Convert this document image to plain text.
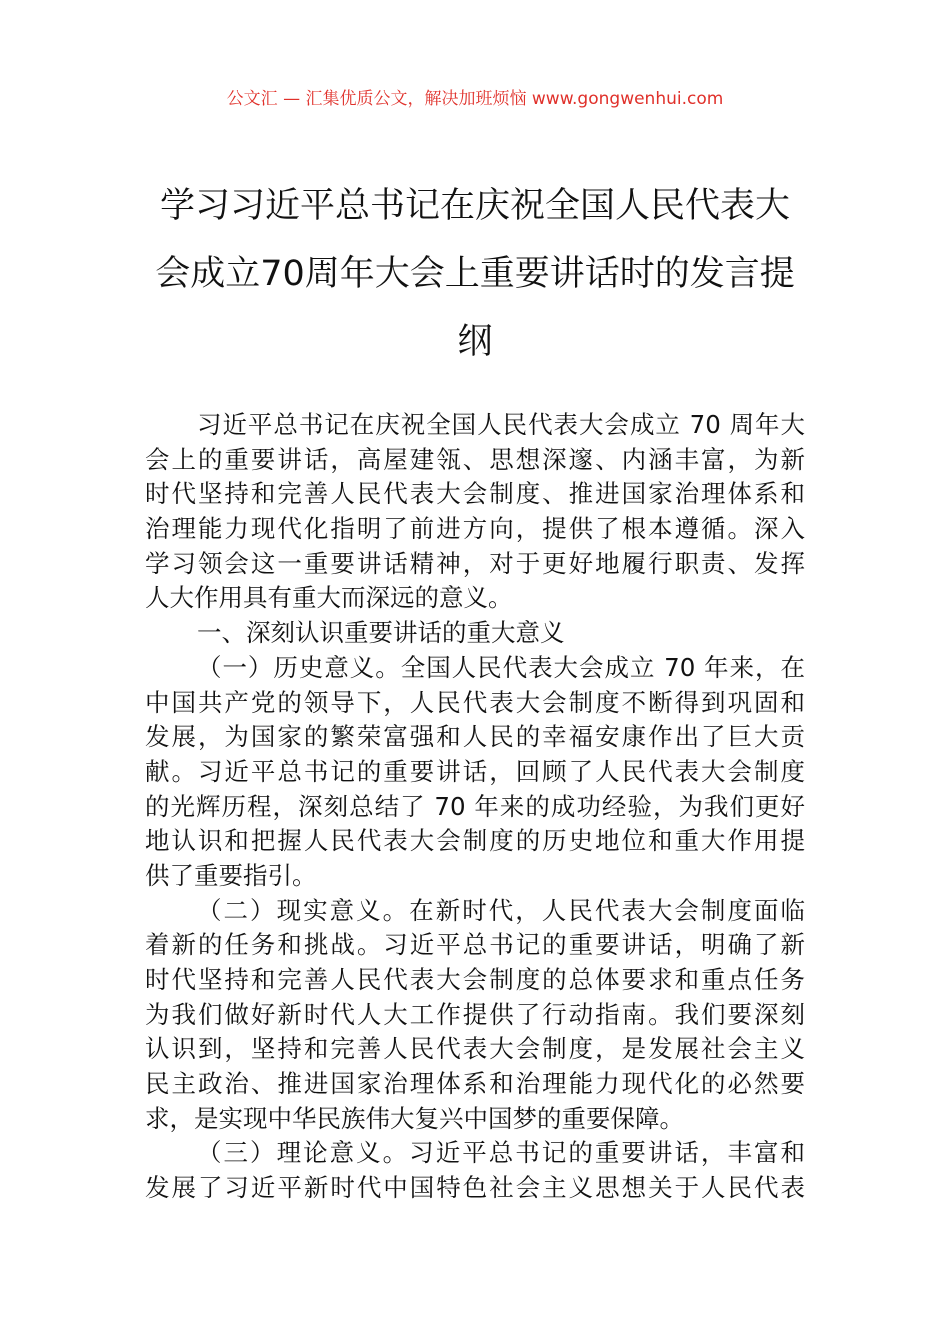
公文汇 — 汇集优质公文，解决加班烦恼 www.gongwenhui.com
学习习近平总书记在庆祝全国人民代表大
会成立70周年大会上重要讲话时的发言提
纲
习近平总书记在庆祝全国人民代表大会成立 70 周年大
会上的重要讲话，高屋建瓴、思想深邃、内涵丰富，为新
时代坚持和完善人民代表大会制度、推进国家治理体系和
治理能力现代化指明了前进方向，提供了根本遵循。深入
学习领会这一重要讲话精神，对于更好地履行职责、发挥
人大作用具有重大而深远的意义。
一、深刻认识重要讲话的重大意义
（一）历史意义。全国人民代表大会成立 70 年来，在
中国共产党的领导下，人民代表大会制度不断得到巩固和
发展，为国家的繁荣富强和人民的幸福安康作出了巨大贡
献。习近平总书记的重要讲话，回顾了人民代表大会制度
的光辉历程，深刻总结了 70 年来的成功经验，为我们更好
地认识和把握人民代表大会制度的历史地位和重大作用提
供了重要指引。
（二）现实意义。在新时代，人民代表大会制度面临
着新的任务和挑战。习近平总书记的重要讲话，明确了新
时代坚持和完善人民代表大会制度的总体要求和重点任务
为我们做好新时代人大工作提供了行动指南。我们要深刻
认识到，坚持和完善人民代表大会制度，是发展社会主义
民主政治、推进国家治理体系和治理能力现代化的必然要
求，是实现中华民族伟大复兴中国梦的重要保障。
（三）理论意义。习近平总书记的重要讲话，丰富和
发展了习近平新时代中国特色社会主义思想关于人民代表
